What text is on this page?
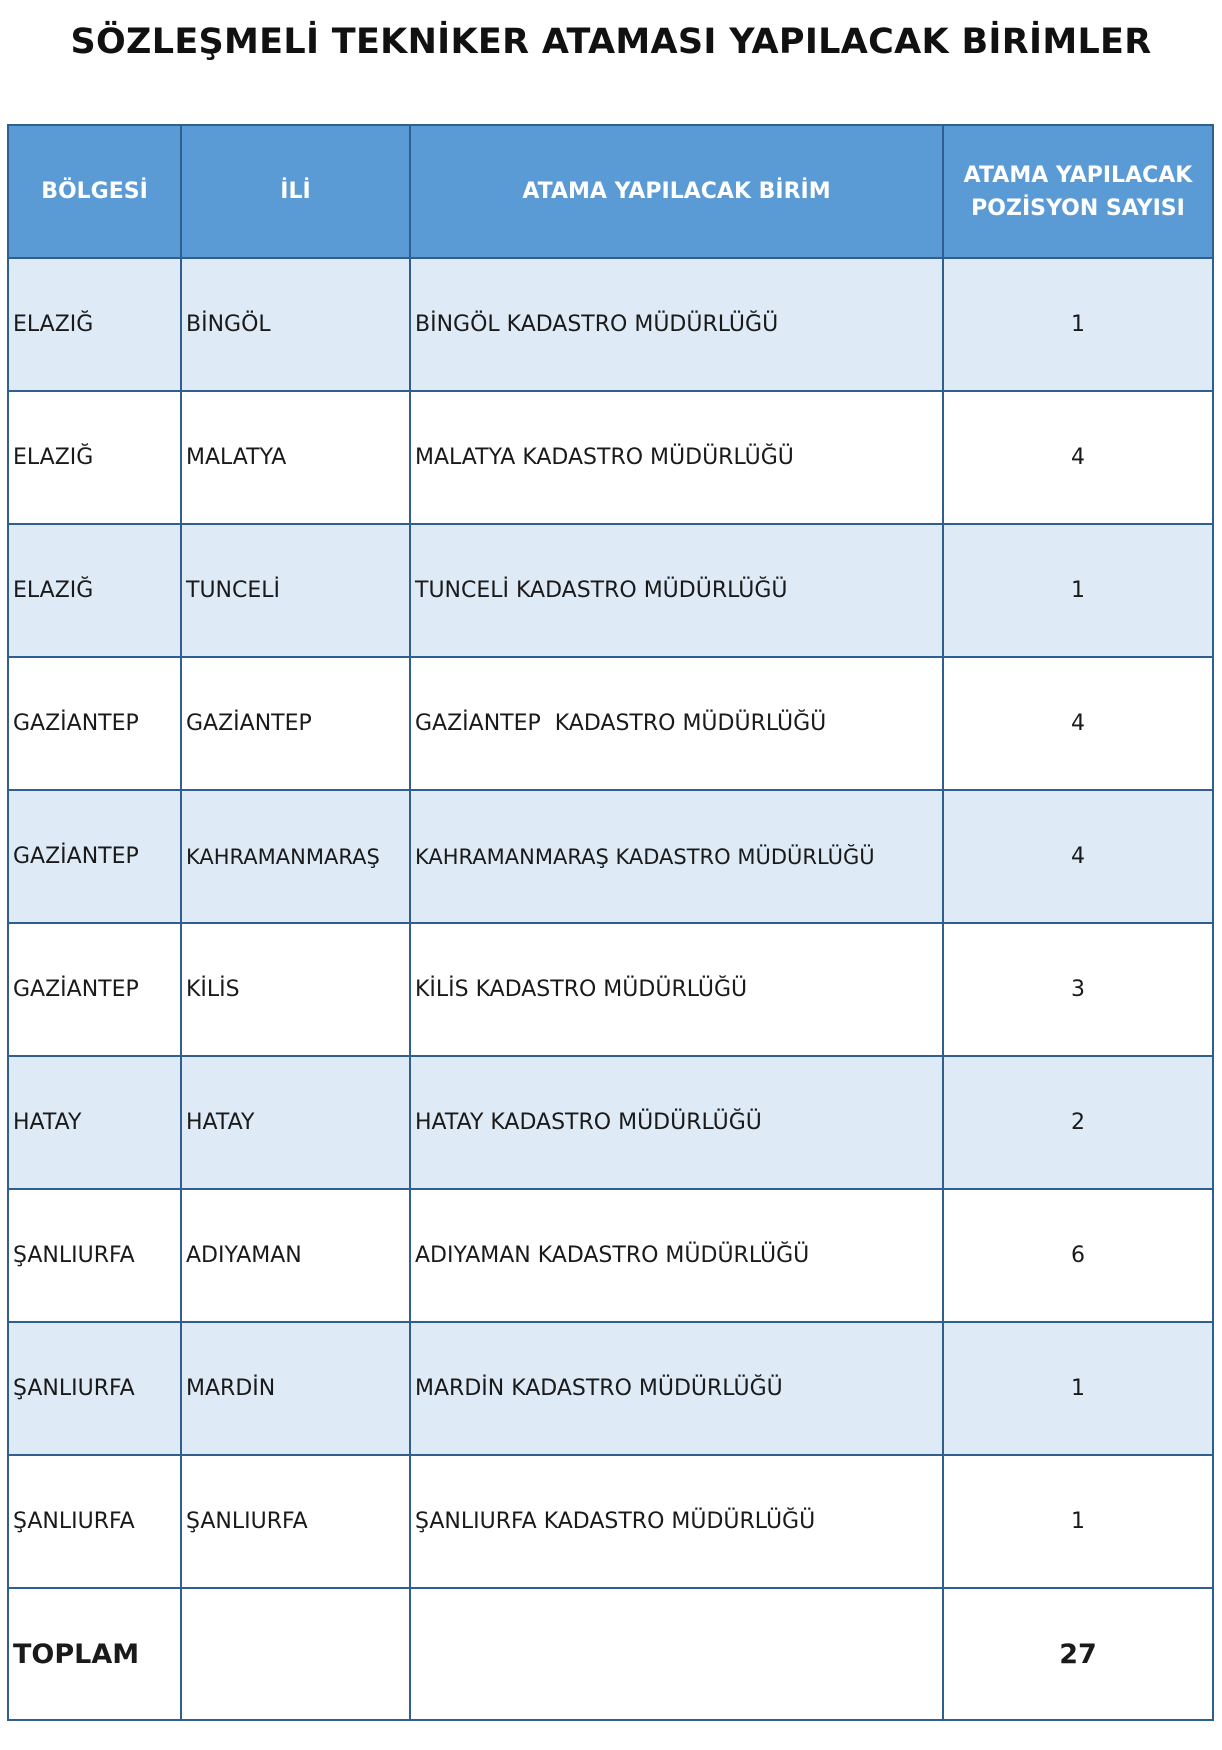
SÖZLEŞMELİ TEKNİKER ATAMASI YAPILACAK BİRİMLER
BÖLGESİ	İLİ	ATAMA YAPILACAK BİRİM	ATAMA YAPILACAK
POZİSYON SAYISI
ELAZIĞ	BİNGÖL	BİNGÖL KADASTRO MÜDÜRLÜĞÜ	1
ELAZIĞ	MALATYA	MALATYA KADASTRO MÜDÜRLÜĞÜ	4
ELAZIĞ	TUNCELİ	TUNCELİ KADASTRO MÜDÜRLÜĞÜ	1
GAZİANTEP	GAZİANTEP	GAZİANTEP  KADASTRO MÜDÜRLÜĞÜ	4
GAZİANTEP	KAHRAMANMARAŞ	KAHRAMANMARAŞ KADASTRO MÜDÜRLÜĞÜ	4
GAZİANTEP	KİLİS	KİLİS KADASTRO MÜDÜRLÜĞÜ	3
HATAY	HATAY	HATAY KADASTRO MÜDÜRLÜĞÜ	2
ŞANLIURFA	ADIYAMAN	ADIYAMAN KADASTRO MÜDÜRLÜĞÜ	6
ŞANLIURFA	MARDİN	MARDİN KADASTRO MÜDÜRLÜĞÜ	1
ŞANLIURFA	ŞANLIURFA	ŞANLIURFA KADASTRO MÜDÜRLÜĞÜ	1
TOPLAM			27
